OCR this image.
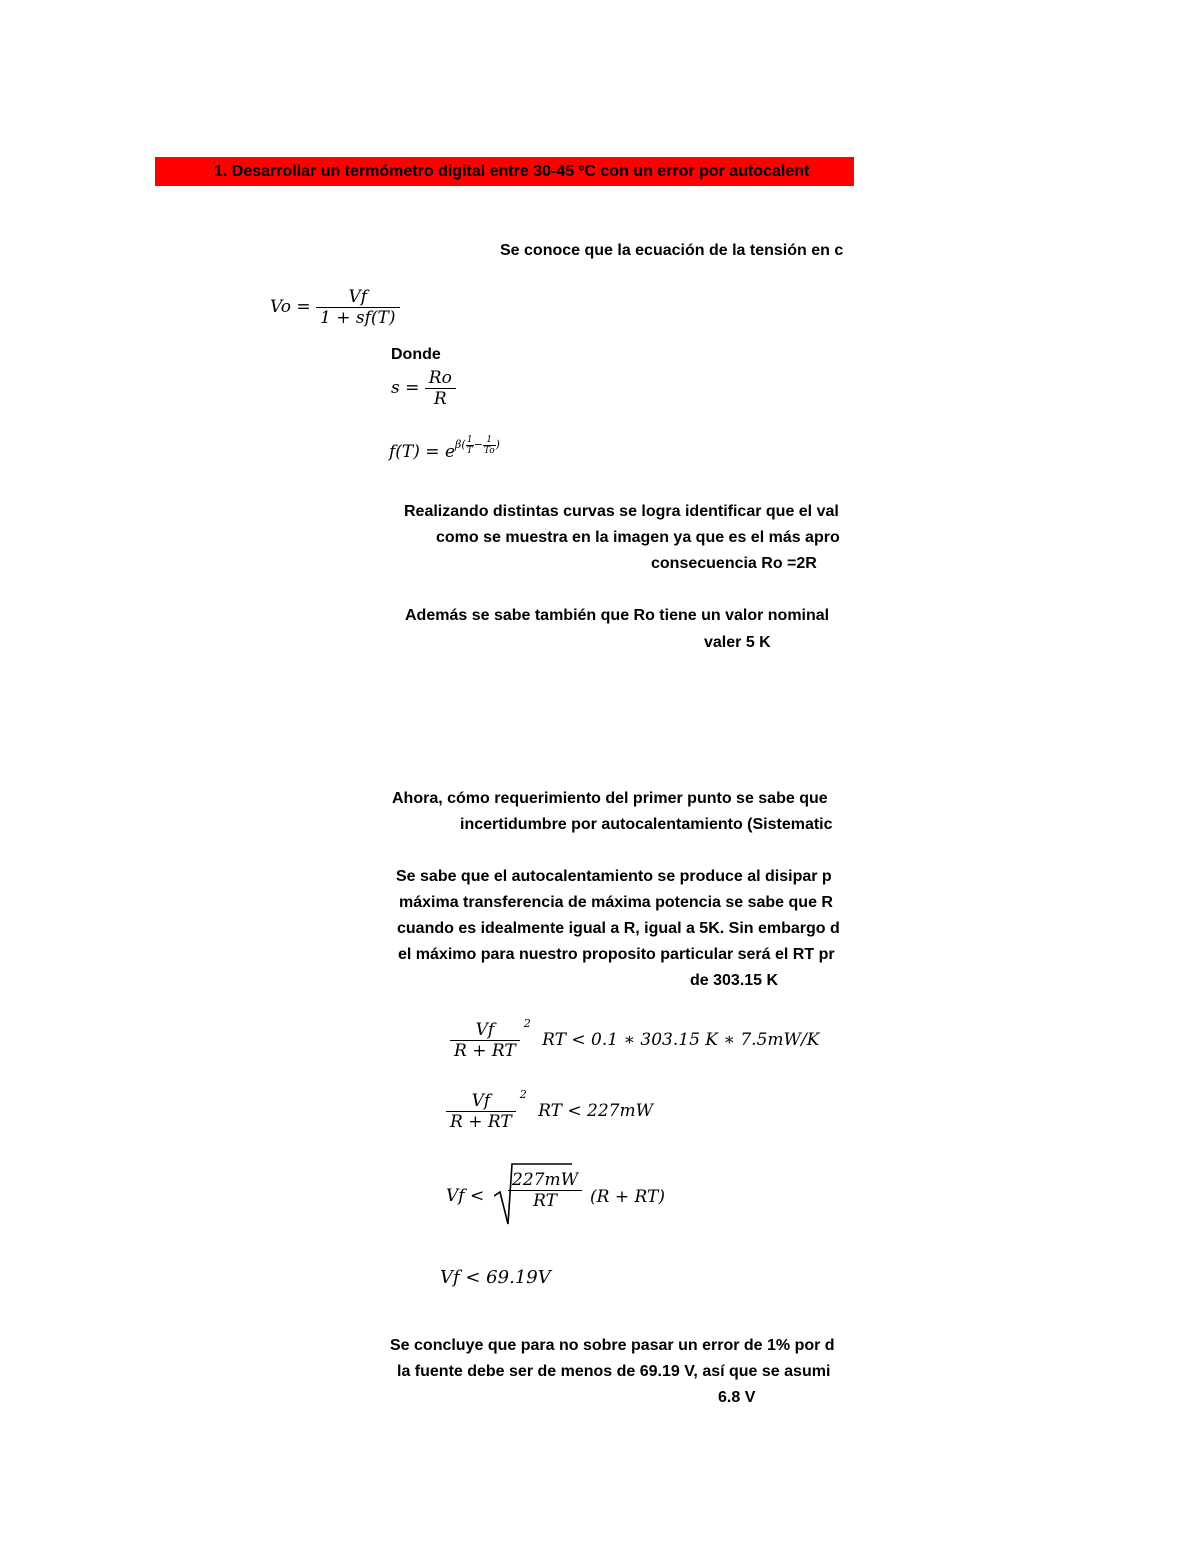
1. Desarrollar un termómetro digital entre 30-45 ºC con un error por autocalent
Se conoce que la ecuación de la tensión en c
$Vo = \frac{Vf}{1 + sf(T)}$
Donde
$s = \frac{Ro}{R}$
$f(T) = e^{\beta( \frac{1}{T} - \frac{1}{To} )}$
Realizando distintas curvas se logra identificar que el val
como se muestra en la imagen ya que es el más apro
consecuencia Ro =2R
Además se sabe también que Ro tiene un valor nominal
valer 5 K
Ahora, cómo requerimiento del primer punto se sabe que
incertidumbre por autocalentamiento (Sistematic
Se sabe que el autocalentamiento se produce al disipar p
máxima transferencia de máxima potencia se sabe que R
cuando es idealmente igual a R, igual a 5K. Sin embargo d
el máximo para nuestro proposito particular será el RT pr
de 303.15 K
$\frac{Vf}{R + RT} ^2$ RT < 0.1 ∗ 303.15 K ∗ 7.5mW/K
$\frac{Vf}{R + RT} ^2$ RT < 227mW
$Vf < \frac{227mW}{RT} (R + RT)$
Vf < 69.19V
Se concluye que para no sobre pasar un error de 1% por d
la fuente debe ser de menos de 69.19 V, así que se asumi
6.8 V
